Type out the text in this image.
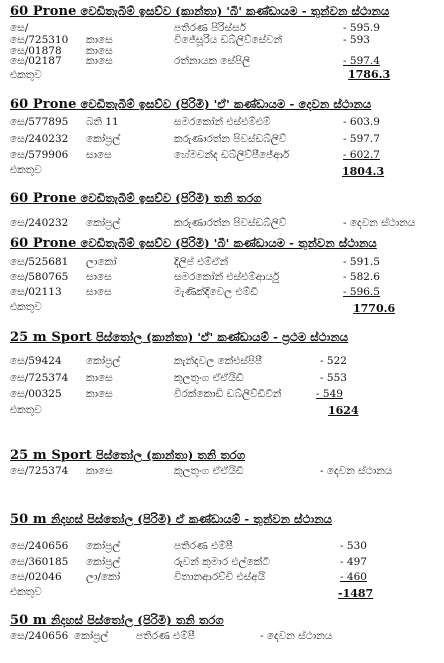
60 Prone වෙඩිතැබීම් ඉසව්ව (කාන්තා) 'බී' කණ්ඩායම - තුන්වන ස්ථානය
සෙ/	පතිරණ පිරිස්සර්	- 595.9
සෙ/725310 කාසෙ	විජේසූරිය ඩබ්ලිව්සේවන්	- 593
සෙ/01878 කාසෙ
සෙ/02187 කාසෙ	රත්නායක සේපිලි	- 597.4
එකතුව	1786.3
60 Prone වෙඩිතැබීම් ඉසව්ව (පිරිමි) 'ඒ' කණ්ඩායම - දෙවන ස්ථානය
සෙ/577895 බති 11	සමරකෝන් එස්එම්එම්	- 603.9
සෙ/240232 කෝප්‍රල්	කරුණාරත්න පිවස්ඩබ්ලිව්	- 597.7
සෙ/579906 සාසෙ	හේමචන්ද ඩබ්ලිව්පීජේආර්	- 602.7
එකතුව	1804.3
60 Prone වෙඩිතැබීම් ඉසව්ව (පිරිමි) තනි තරග
සෙ/240232 කෝප්‍රල්	කරුණාරත්න පිවස්ඩබ්ලිව්	- දෙවන ස්ථානය
60 Prone වෙඩිතැබීම් ඉසව්ව (පිරිමි) 'බී' කණ්ඩායම - තුන්වන ස්ථානය
සෙ/525681 ලාකෝ	දිලිප් එම්ඒන්	- 591.5
සෙ/580765 සාසෙ	සමරකෝන් එස්එම්ආර්යු	- 582.6
සෙ/02113 සාසෙ	මැණික්දිවෙල එම්ඩී	- 596.5
එකතුව	1770.6
25 m Sport පිස්තෝල (කාන්තා) 'ඒ' කණ්ඩායම් - ප්‍රථම ස්ථානය
සෙ/59424 කෝප්‍රල්	කැන්දවල කේඑස්පිපී	- 522
සෙ/725374 කාසෙ	කුලතුංග ඒඒයිඩී	- 553
සෙ/00325 කාසෙ	විරක්කොඩි ඩබ්ලිව්ඩීවීන්	- 549
එකතුව	1624
25 m Sport පිස්තෝල (කාන්තා) තනි තරග
සෙ/725374 කාසෙ	කුලතුංග ඒඒයිඩී	- දෙවන ස්ථානය
50 m නිදහස් පිස්තෝල (පිරිමි) ඒ කණ්ඩායම් - තුන්වන ස්ථානය
සෙ/240656 කෝප්‍රල්	පතිරණ එම්පී	- 530
සෙ/360185 කෝප්‍රල්	රුවන් කුමාර එල්කේටී	- 497
සෙ/02046 ලා/කෝ	විතානආරච්චි එස්අයි	- 460
එකතුව	-1487
50 m නිදහස් පිස්තෝල (පිරිමි) තනි තරග
සෙ/240656 කෝප්‍රල්	පතිරණ එම්පී	- දෙවන ස්ථානය
